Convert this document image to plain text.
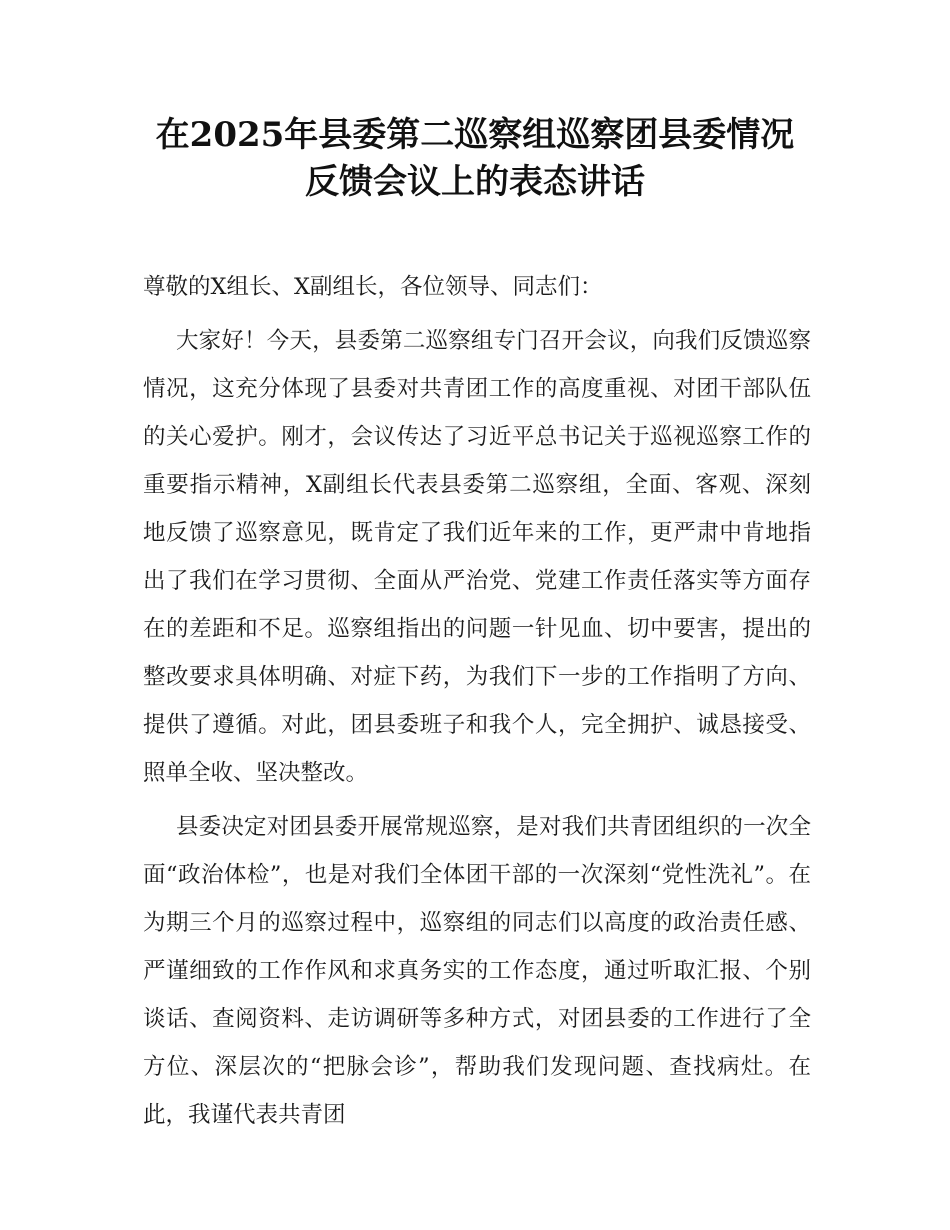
在2025年县委第二巡察组巡察团县委情况反馈会议上的表态讲话

尊敬的X组长、X副组长，各位领导、同志们：

大家好！今天，县委第二巡察组专门召开会议，向我们反馈巡察情况，这充分体现了县委对共青团工作的高度重视、对团干部队伍的关心爱护。刚才，会议传达了习近平总书记关于巡视巡察工作的重要指示精神，X副组长代表县委第二巡察组，全面、客观、深刻地反馈了巡察意见，既肯定了我们近年来的工作，更严肃中肯地指出了我们在学习贯彻、全面从严治党、党建工作责任落实等方面存在的差距和不足。巡察组指出的问题一针见血、切中要害，提出的整改要求具体明确、对症下药，为我们下一步的工作指明了方向、提供了遵循。对此，团县委班子和我个人，完全拥护、诚恳接受、照单全收、坚决整改。

县委决定对团县委开展常规巡察，是对我们共青团组织的一次全面“政治体检”，也是对我们全体团干部的一次深刻“党性洗礼”。在为期三个月的巡察过程中，巡察组的同志们以高度的政治责任感、严谨细致的工作作风和求真务实的工作态度，通过听取汇报、个别谈话、查阅资料、走访调研等多种方式，对团县委的工作进行了全方位、深层次的“把脉会诊”，帮助我们发现问题、查找病灶。在此，我谨代表共青团
